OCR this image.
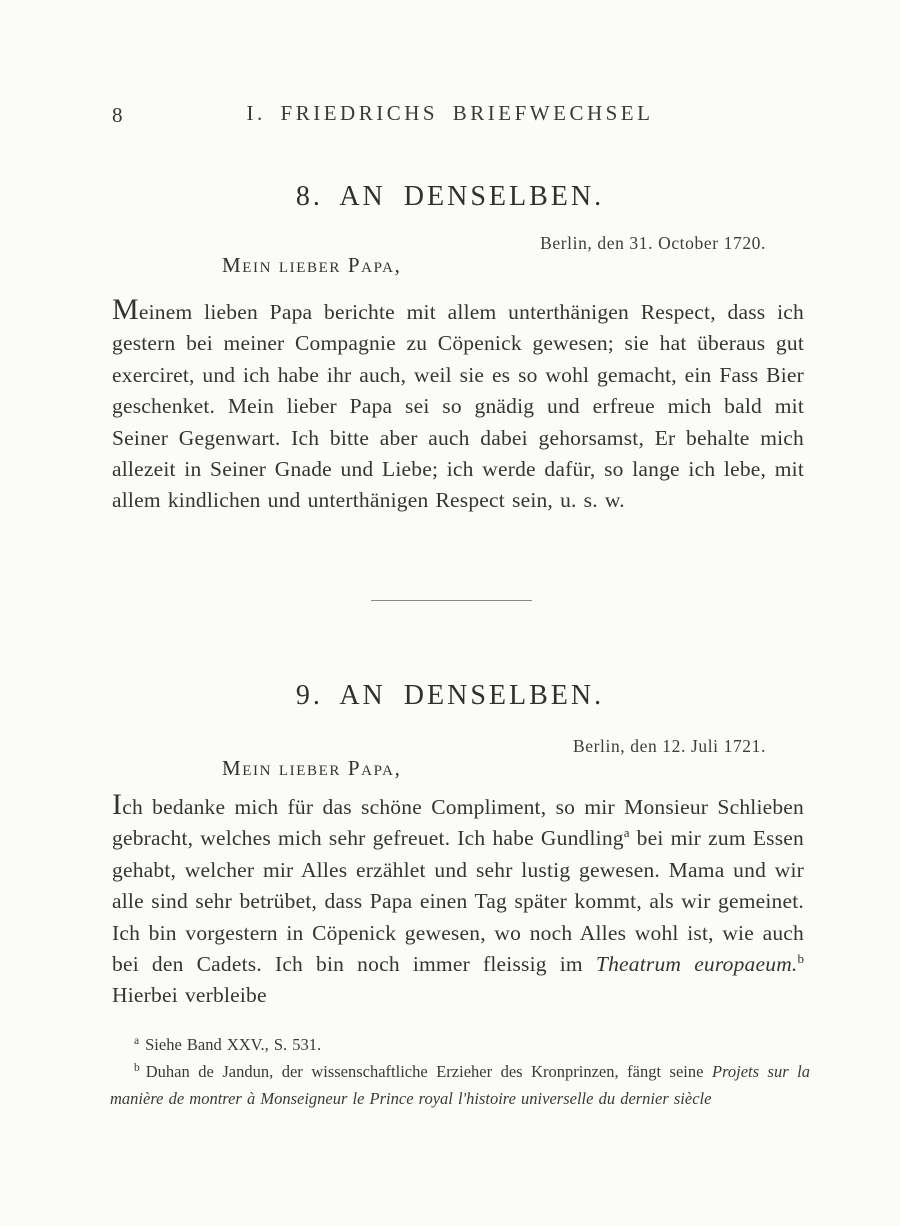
8	I. FRIEDRICHS BRIEFWECHSEL
8. AN DENSELBEN.
Berlin, den 31. October 1720.
Mein lieber Papa,

Meinem lieben Papa berichte mit allem unterthänigen Respect, dass ich gestern bei meiner Compagnie zu Cöpenick gewesen; sie hat überaus gut exerciret, und ich habe ihr auch, weil sie es so wohl gemacht, ein Fass Bier geschenket. Mein lieber Papa sei so gnädig und erfreue mich bald mit Seiner Gegenwart. Ich bitte aber auch dabei gehorsamst, Er behalte mich allezeit in Seiner Gnade und Liebe; ich werde dafür, so lange ich lebe, mit allem kindlichen und unterthänigen Respect sein, u. s. w.

9. AN DENSELBEN.
Berlin, den 12. Juli 1721.
Mein lieber Papa,

Ich bedanke mich für das schöne Compliment, so mir Monsieur Schlieben gebracht, welches mich sehr gefreuet. Ich habe Gundling$^a$ bei mir zum Essen gehabt, welcher mir Alles erzählet und sehr lustig gewesen. Mama und wir alle sind sehr betrübet, dass Papa einen Tag später kommt, als wir gemeinet. Ich bin vorgestern in Cöpenick gewesen, wo noch Alles wohl ist, wie auch bei den Cadets. Ich bin noch immer fleissig im Theatrum europaeum.$^b$ Hierbei verbleibe

$^a$ Siehe Band XXV., S. 531.

$^b$ Duhan de Jandun, der wissenschaftliche Erzieher des Kronprinzen, fängt seine Projets sur la manière de montrer à Monseigneur le Prince royal l'histoire universelle du dernier siècle
